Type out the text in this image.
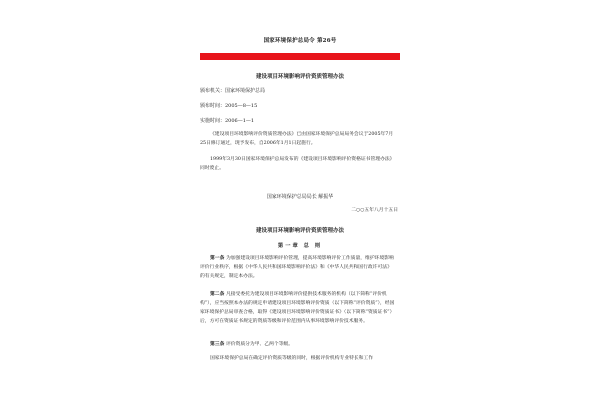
国家环境保护总局令 第26号
建设项目环境影响评价资质管理办法
颁布机关：国家环境保护总局
颁布时间：2005—8—15
实施时间：2006—1—1
《建设项目环境影响评价资质管理办法》已由国家环境保护总局局务会议于2005年7月25日修订通过，现予发布，自2006年1月1日起施行。
1999年3月30日国家环境保护总局发布的《建设项目环境影响评价资格证书管理办法》同时废止。
国家环境保护总局局长 解振华
二○○五年八月十五日
建设项目环境影响评价资质管理办法
第一章 总 则
第一条 为加强建设项目环境影响评价管理，提高环境影响评价工作质量，维护环境影响评价行业秩序，根据《中华人民共和国环境影响评价法》和《中华人民共和国行政许可法》的有关规定，制定本办法。
第二条 凡接受委托为建设项目环境影响评价提供技术服务的机构（以下简称“评价机构”），应当按照本办法的规定申请建设项目环境影响评价资质（以下简称“评价资质”），经国家环境保护总局审查合格，取得《建设项目环境影响评价资质证书》（以下简称“资质证书”）后，方可在资质证书规定的资质等级和评价范围内从事环境影响评价技术服务。
第三条 评价资质分为甲、乙两个等级。
国家环境保护总局在确定评价资质等级的同时，根据评价机构专业特长和工作
